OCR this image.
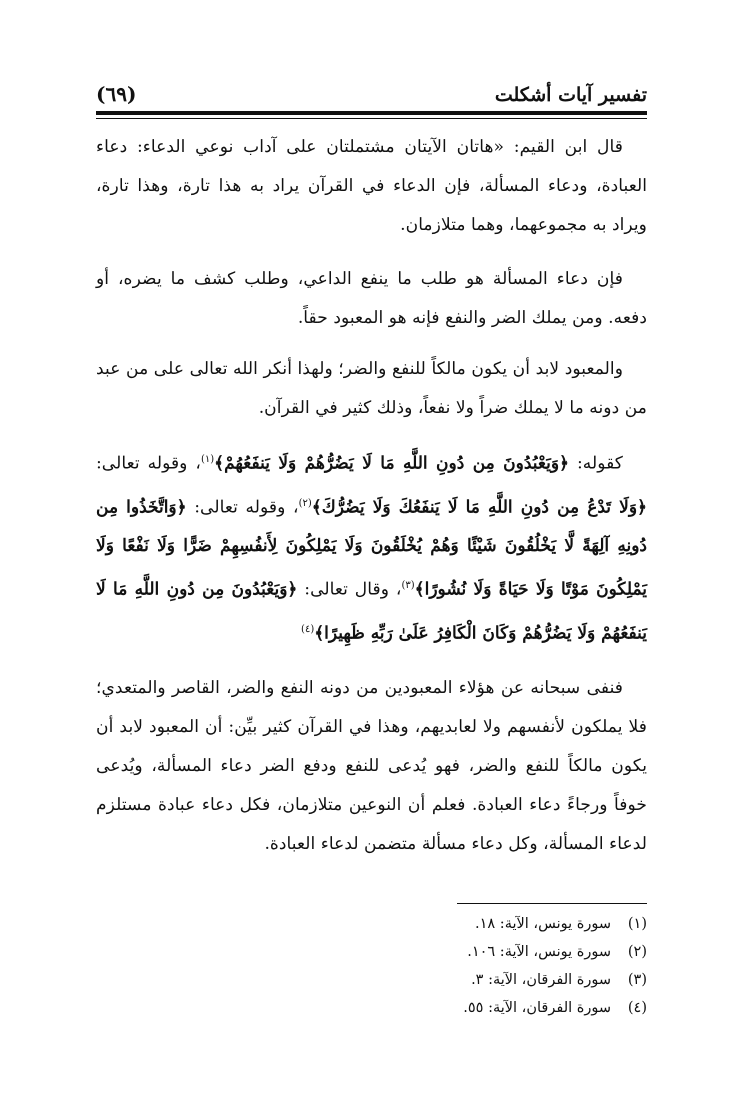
(٦٩)	تفسير آيات أشكلت

قال ابن القيم: «هاتان الآيتان مشتملتان على آداب نوعي الدعاء: دعاء العبادة، ودعاء المسألة، فإن الدعاء في القرآن يراد به هذا تارة، وهذا تارة، ويراد به مجموعهما، وهما متلازمان.

فإن دعاء المسألة هو طلب ما ينفع الداعي، وطلب كشف ما يضره، أو دفعه. ومن يملك الضر والنفع فإنه هو المعبود حقاً.

والمعبود لابد أن يكون مالكاً للنفع والضر؛ ولهذا أنكر الله تعالى على من عبد من دونه ما لا يملك ضراً ولا نفعاً، وذلك كثير في القرآن.

كقوله: ﴿وَيَعْبُدُونَ مِن دُونِ اللَّهِ مَا لَا يَضُرُّهُمْ وَلَا يَنفَعُهُمْ﴾$^{(١)}$، وقوله تعالى: ﴿وَلَا تَدْعُ مِن دُونِ اللَّهِ مَا لَا يَنفَعُكَ وَلَا يَضُرُّكَ﴾$^{(٢)}$، وقوله تعالى: ﴿وَاتَّخَذُوا مِن دُونِهِ آلِهَةً لَّا يَخْلُقُونَ شَيْئًا وَهُمْ يُخْلَقُونَ وَلَا يَمْلِكُونَ لِأَنفُسِهِمْ ضَرًّا وَلَا نَفْعًا وَلَا يَمْلِكُونَ مَوْتًا وَلَا حَيَاةً وَلَا نُشُورًا﴾$^{(٣)}$، وقال تعالى: ﴿وَيَعْبُدُونَ مِن دُونِ اللَّهِ مَا لَا يَنفَعُهُمْ وَلَا يَضُرُّهُمْ وَكَانَ الْكَافِرُ عَلَىٰ رَبِّهِ ظَهِيرًا﴾$^{(٤)}$

فنفى سبحانه عن هؤلاء المعبودين من دونه النفع والضر، القاصر والمتعدي؛ فلا يملكون لأنفسهم ولا لعابديهم، وهذا في القرآن كثير بيِّن: أن المعبود لابد أن يكون مالكاً للنفع والضر، فهو يُدعى للنفع ودفع الضر دعاء المسألة، ويُدعى خوفاً ورجاءً دعاء العبادة. فعلم أن النوعين متلازمان، فكل دعاء عبادة مستلزم لدعاء المسألة، وكل دعاء مسألة متضمن لدعاء العبادة.

(١)
سورة يونس، الآية: ١٨.
(٢)
سورة يونس، الآية: ١٠٦.
(٣)
سورة الفرقان، الآية: ٣.
(٤)
سورة الفرقان، الآية: ٥٥.
